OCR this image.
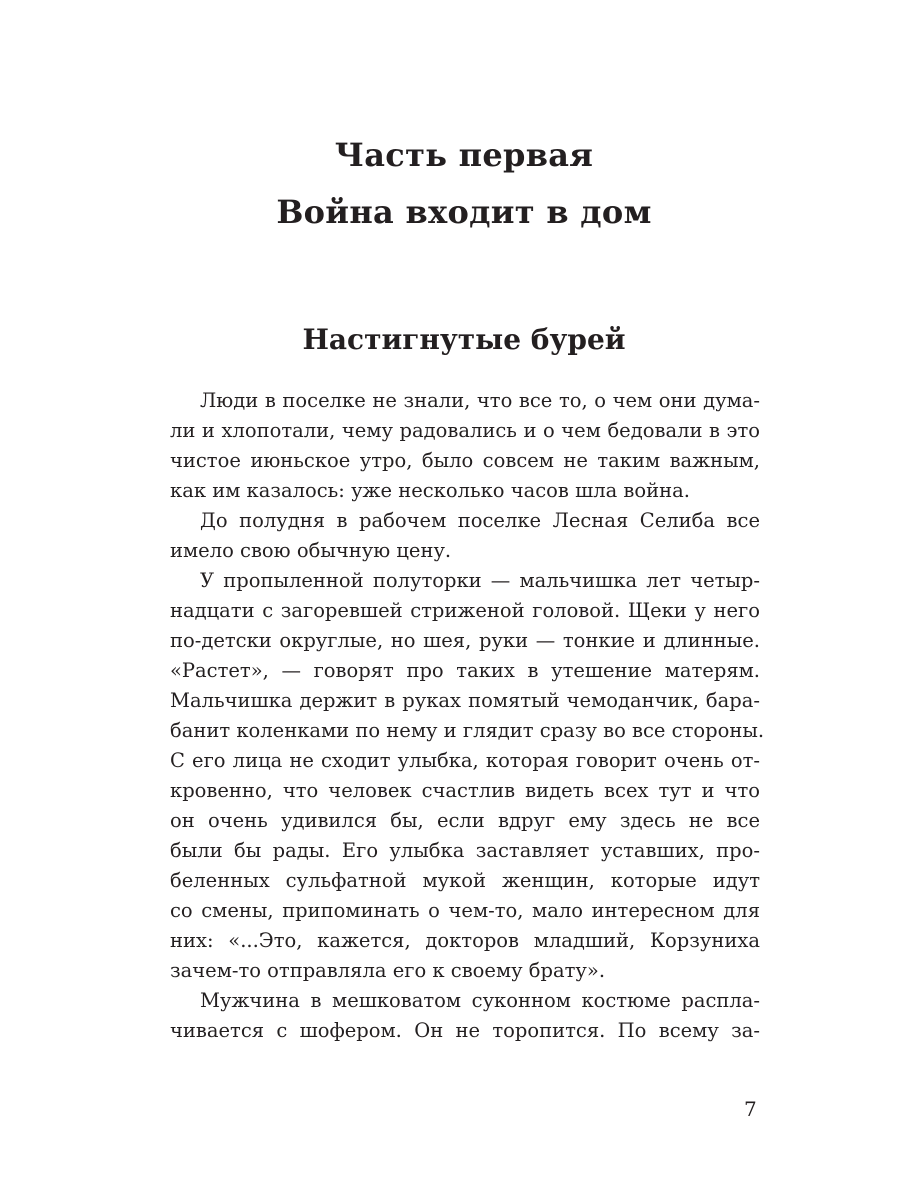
Часть первая
Война входит в дом
Настигнутые бурей
Люди в поселке не знали, что все то, о чем они дума-
ли и хлопотали, чему радовались и о чем бедовали в это
чистое июньское утро, было совсем не таким важным,
как им казалось: уже несколько часов шла война.
До полудня в рабочем поселке Лесная Селиба все
имело свою обычную цену.
У пропыленной полуторки — мальчишка лет четыр-
надцати с загоревшей стриженой головой. Щеки у него
по-детски округлые, но шея, руки — тонкие и длинные.
«Растет», — говорят про таких в утешение матерям.
Мальчишка держит в руках помятый чемоданчик, бара-
банит коленками по нему и глядит сразу во все стороны.
С его лица не сходит улыбка, которая говорит очень от-
кровенно, что человек счастлив видеть всех тут и что
он очень удивился бы, если вдруг ему здесь не все
были бы рады. Его улыбка заставляет уставших, про-
беленных сульфатной мукой женщин, которые идут
со смены, припоминать о чем-то, мало интересном для
них: «...Это, кажется, докторов младший, Корзуниха
зачем-то отправляла его к своему брату».
Мужчина в мешковатом суконном костюме распла-
чивается с шофером. Он не торопится. По всему за-
7
